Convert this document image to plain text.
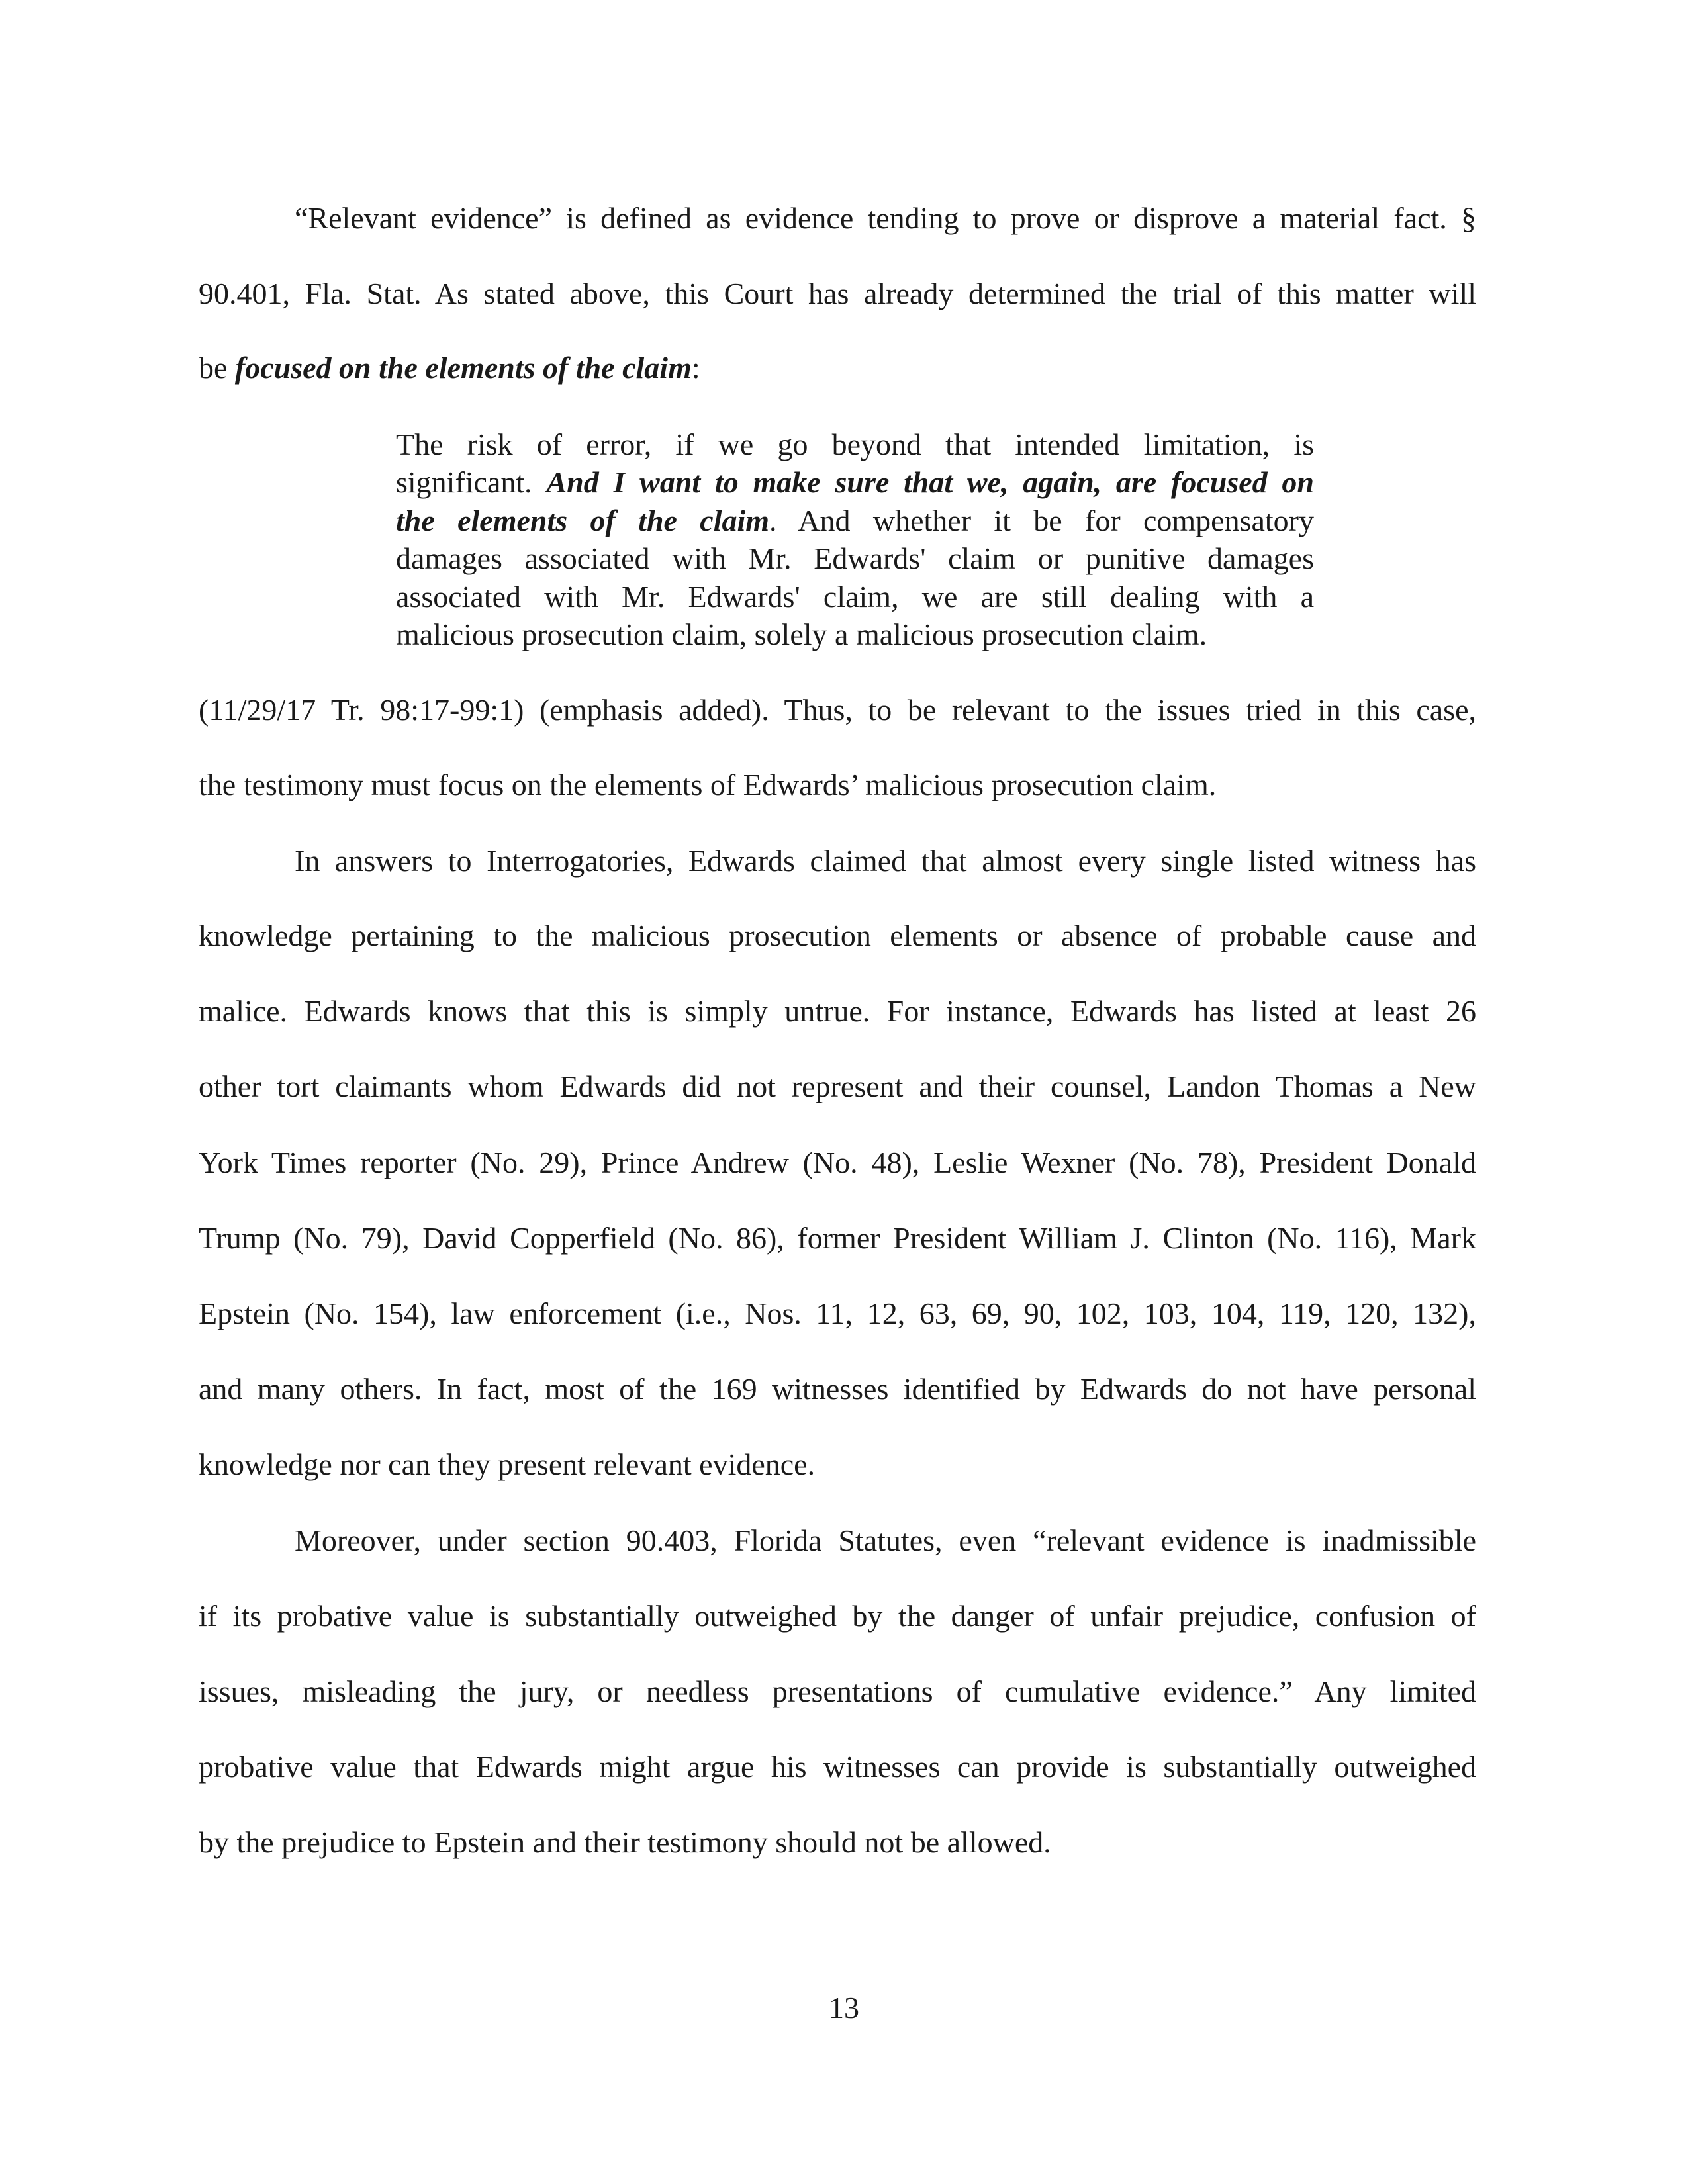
“Relevant evidence” is defined as evidence tending to prove or disprove a material fact. §
90.401, Fla. Stat. As stated above, this Court has already determined the trial of this matter will
be focused on the elements of the claim:
The risk of error, if we go beyond that intended limitation, is
significant. And I want to make sure that we, again, are focused on
the elements of the claim. And whether it be for compensatory
damages associated with Mr. Edwards' claim or punitive damages
associated with Mr. Edwards' claim, we are still dealing with a
malicious prosecution claim, solely a malicious prosecution claim.
(11/29/17 Tr. 98:17-99:1) (emphasis added). Thus, to be relevant to the issues tried in this case,
the testimony must focus on the elements of Edwards’ malicious prosecution claim.
In answers to Interrogatories, Edwards claimed that almost every single listed witness has
knowledge pertaining to the malicious prosecution elements or absence of probable cause and
malice. Edwards knows that this is simply untrue. For instance, Edwards has listed at least 26
other tort claimants whom Edwards did not represent and their counsel, Landon Thomas a New
York Times reporter (No. 29), Prince Andrew (No. 48), Leslie Wexner (No. 78), President Donald
Trump (No. 79), David Copperfield (No. 86), former President William J. Clinton (No. 116), Mark
Epstein (No. 154), law enforcement (i.e., Nos. 11, 12, 63, 69, 90, 102, 103, 104, 119, 120, 132),
and many others. In fact, most of the 169 witnesses identified by Edwards do not have personal
knowledge nor can they present relevant evidence.
Moreover, under section 90.403, Florida Statutes, even “relevant evidence is inadmissible
if its probative value is substantially outweighed by the danger of unfair prejudice, confusion of
issues, misleading the jury, or needless presentations of cumulative evidence.” Any limited
probative value that Edwards might argue his witnesses can provide is substantially outweighed
by the prejudice to Epstein and their testimony should not be allowed.
13
